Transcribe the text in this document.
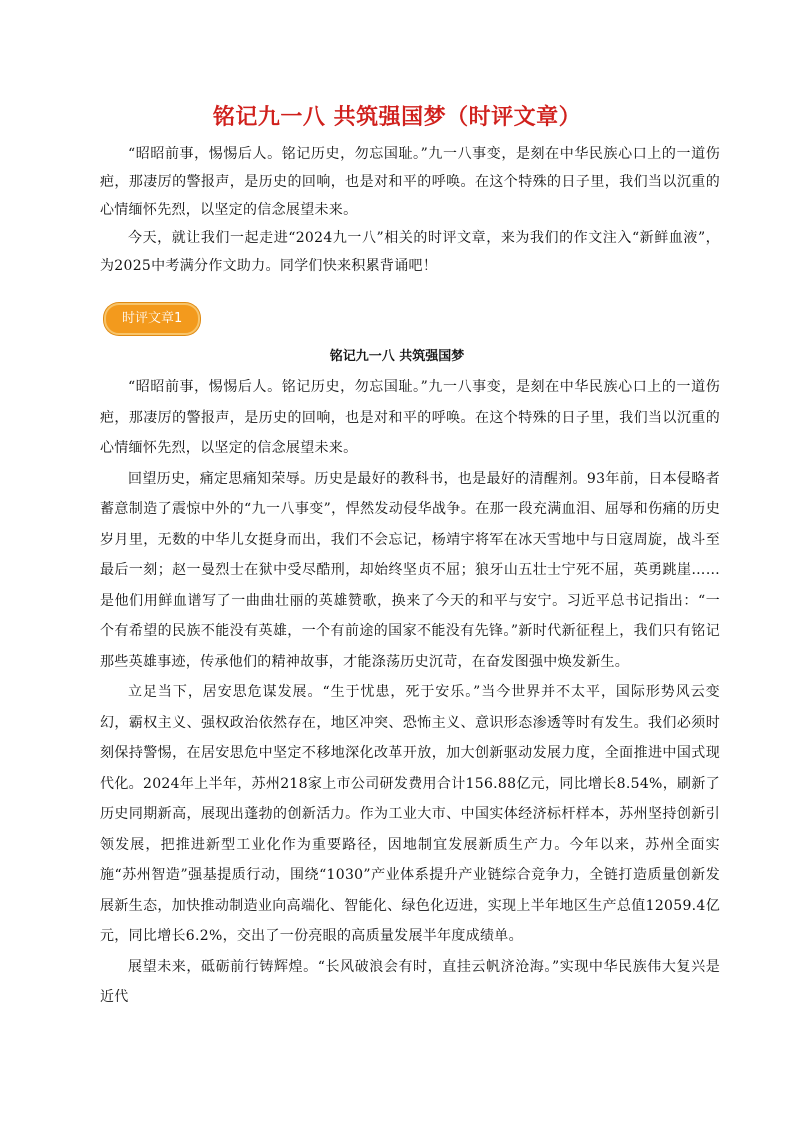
铭记九一八 共筑强国梦（时评文章）

“昭昭前事，惕惕后人。铭记历史，勿忘国耻。”九一八事变，是刻在中华民族心口上的一道伤疤，那凄厉的警报声，是历史的回响，也是对和平的呼唤。在这个特殊的日子里，我们当以沉重的心情缅怀先烈，以坚定的信念展望未来。

今天，就让我们一起走进“2024九一八”相关的时评文章，来为我们的作文注入“新鲜血液”，为2025中考满分作文助力。同学们快来积累背诵吧！

时评文章1
铭记九一八 共筑强国梦

“昭昭前事，惕惕后人。铭记历史，勿忘国耻。”九一八事变，是刻在中华民族心口上的一道伤疤，那凄厉的警报声，是历史的回响，也是对和平的呼唤。在这个特殊的日子里，我们当以沉重的心情缅怀先烈，以坚定的信念展望未来。

回望历史，痛定思痛知荣辱。历史是最好的教科书，也是最好的清醒剂。93年前，日本侵略者蓄意制造了震惊中外的“九一八事变”，悍然发动侵华战争。在那一段充满血泪、屈辱和伤痛的历史岁月里，无数的中华儿女挺身而出，我们不会忘记，杨靖宇将军在冰天雪地中与日寇周旋，战斗至最后一刻；赵一曼烈士在狱中受尽酷刑，却始终坚贞不屈；狼牙山五壮士宁死不屈，英勇跳崖……是他们用鲜血谱写了一曲曲壮丽的英雄赞歌，换来了今天的和平与安宁。习近平总书记指出：“一个有希望的民族不能没有英雄，一个有前途的国家不能没有先锋。”新时代新征程上，我们只有铭记那些英雄事迹，传承他们的精神故事，才能涤荡历史沉苛，在奋发图强中焕发新生。

立足当下，居安思危谋发展。“生于忧患，死于安乐。”当今世界并不太平，国际形势风云变幻，霸权主义、强权政治依然存在，地区冲突、恐怖主义、意识形态渗透等时有发生。我们必须时刻保持警惕，在居安思危中坚定不移地深化改革开放，加大创新驱动发展力度，全面推进中国式现代化。2024年上半年，苏州218家上市公司研发费用合计156.88亿元，同比增长8.54%，刷新了历史同期新高，展现出蓬勃的创新活力。作为工业大市、中国实体经济标杆样本，苏州坚持创新引领发展，把推进新型工业化作为重要路径，因地制宜发展新质生产力。今年以来，苏州全面实施“苏州智造”强基提质行动，围绕“1030”产业体系提升产业链综合竞争力，全链打造质量创新发展新生态，加快推动制造业向高端化、智能化、绿色化迈进，实现上半年地区生产总值12059.4亿元，同比增长6.2%，交出了一份亮眼的高质量发展半年度成绩单。

展望未来，砥砺前行铸辉煌。“长风破浪会有时，直挂云帆济沧海。”实现中华民族伟大复兴是近代
